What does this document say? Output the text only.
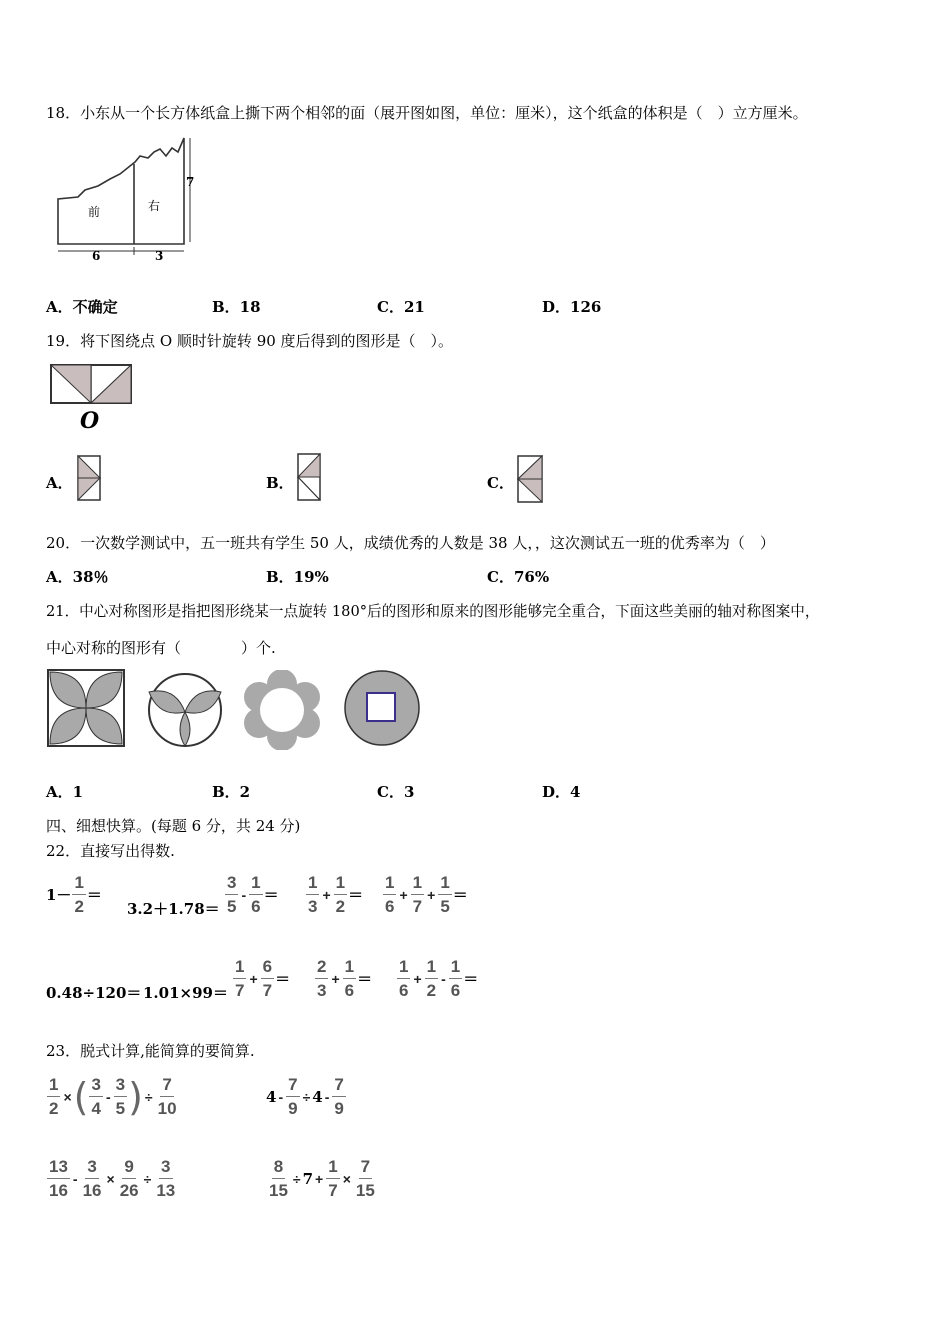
18．小东从一个长方体纸盒上撕下两个相邻的面（展开图如图，单位：厘米），这个纸盒的体积是（　）立方厘米。
前	右
6	3
7
A．不确定	B．18	C．21	D．126
19．将下图绕点 O 顺时针旋转 90 度后得到的图形是（　）。
O
A．	B．	C．
20．一次数学测试中，五一班共有学生 50 人，成绩优秀的人数是 38 人，，这次测试五一班的优秀率为（　）
A．38％	B．19%	C．76%
21．中心对称图形是指把图形绕某一点旋转 180°后的图形和原来的图形能够完全重合，下面这些美丽的轴对称图案中，
中心对称的图形有（　　　　）个.
A．1	B．2	C．3	D．4
四、细想快算。(每题 6 分，共 24 分)
22．直接写出得数.
$1- \frac{1}{2}$ ＝
$3.2+1.78= \frac{3}{5} - \frac{1}{6} = \frac{1}{3} + \frac{1}{2} = \frac{1}{6} + \frac{1}{7} + \frac{1}{5}$ ＝
$0.48\div 120= 1.01\times 99= \frac{1}{7} + \frac{6}{7} = \frac{2}{3} + \frac{1}{6} = \frac{1}{6} + \frac{1}{2} - \frac{1}{6}$ ＝
23．脱式计算,能简算的要简算.
$\frac{1}{2}$ × ( $\frac{3}{4} - \frac{3}{5}$ ) ÷ $\frac{7}{10}$	$4 - \frac{7}{9} \div 4 - \frac{7}{9}$
$\frac{13}{16} - \frac{3}{16} \times \frac{9}{26} \div \frac{3}{13}$	$\frac{8}{15} \div 7 + \frac{1}{7} \times \frac{7}{15}$
